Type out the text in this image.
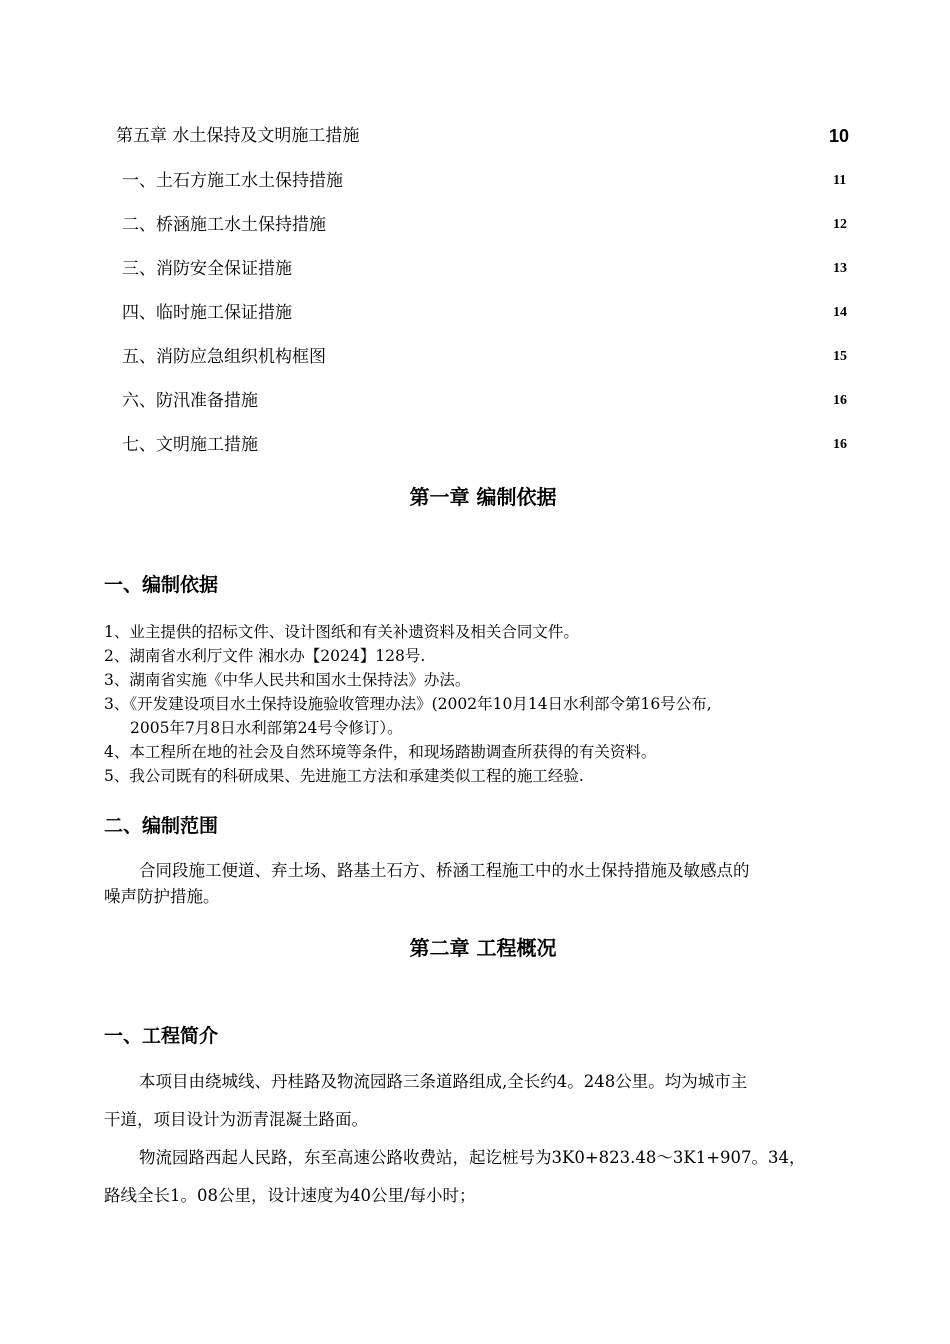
第五章 水土保持及文明施工措施	10
一、土石方施工水土保持措施	11
二、桥涵施工水土保持措施	12
三、消防安全保证措施	13
四、临时施工保证措施	14
五、消防应急组织机构框图	15
六、防汛准备措施	16
七、文明施工措施	16
第一章 编制依据
一、编制依据
1、业主提供的招标文件、设计图纸和有关补遗资料及相关合同文件。
2、湖南省水利厅文件 湘水办【2024】128号.
3、湖南省实施《中华人民共和国水土保持法》办法。
3、《开发建设项目水土保持设施验收管理办法》(2002年10月14日水利部令第16号公布,
2005年7月8日水利部第24号令修订）。
4、本工程所在地的社会及自然环境等条件，和现场踏勘调查所获得的有关资料。
5、我公司既有的科研成果、先进施工方法和承建类似工程的施工经验.
二、编制范围
合同段施工便道、弃土场、路基土石方、桥涵工程施工中的水土保持措施及敏感点的
噪声防护措施。
第二章 工程概况
一、工程简介
本项目由绕城线、丹桂路及物流园路三条道路组成,全长约4。248公里。均为城市主
干道，项目设计为沥青混凝土路面。
物流园路西起人民路，东至高速公路收费站，起讫桩号为3K0+823.48～3K1+907。34，
路线全长1。08公里，设计速度为40公里/每小时；
